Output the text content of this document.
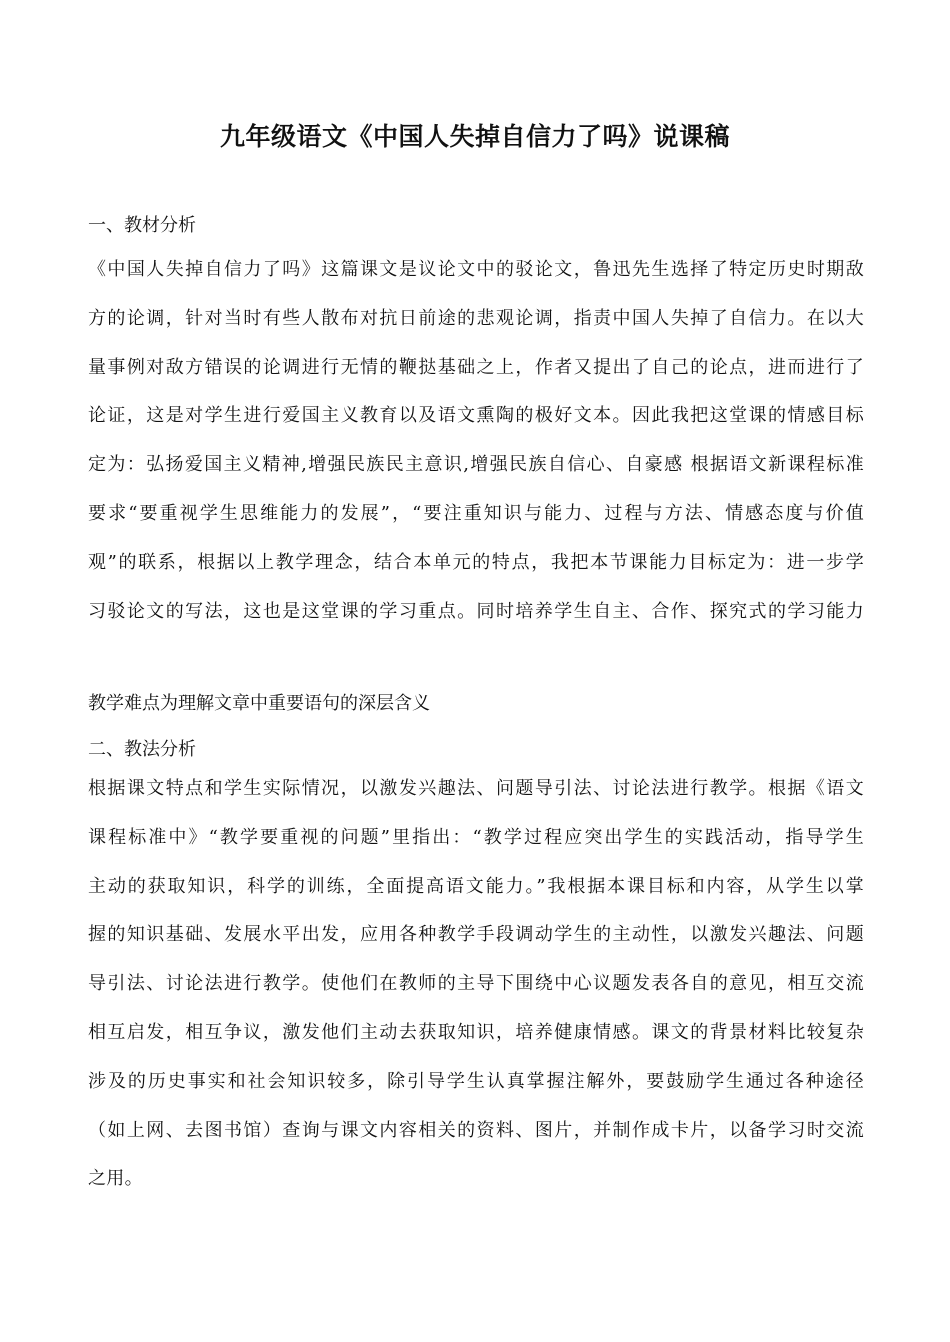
九年级语文《中国人失掉自信力了吗》说课稿
一、教材分析
《中国人失掉自信力了吗》这篇课文是议论文中的驳论文，鲁迅先生选择了特定历史时期敌
方的论调，针对当时有些人散布对抗日前途的悲观论调，指责中国人失掉了自信力。在以大
量事例对敌方错误的论调进行无情的鞭挞基础之上，作者又提出了自己的论点，进而进行了
论证，这是对学生进行爱国主义教育以及语文熏陶的极好文本。因此我把这堂课的情感目标
定为：弘扬爱国主义精神,增强民族民主意识,增强民族自信心、自豪感 根据语文新课程标准
要求“要重视学生思维能力的发展”，“要注重知识与能力、过程与方法、情感态度与价值
观”的联系，根据以上教学理念，结合本单元的特点，我把本节课能力目标定为：进一步学
习驳论文的写法，这也是这堂课的学习重点。同时培养学生自主、合作、探究式的学习能力
教学难点为理解文章中重要语句的深层含义
二、教法分析
根据课文特点和学生实际情况，以激发兴趣法、问题导引法、讨论法进行教学。根据《语文
课程标准中》“教学要重视的问题”里指出：“教学过程应突出学生的实践活动，指导学生
主动的获取知识，科学的训练，全面提高语文能力。”我根据本课目标和内容，从学生以掌
握的知识基础、发展水平出发，应用各种教学手段调动学生的主动性，以激发兴趣法、问题
导引法、讨论法进行教学。使他们在教师的主导下围绕中心议题发表各自的意见，相互交流
相互启发，相互争议，激发他们主动去获取知识，培养健康情感。课文的背景材料比较复杂
涉及的历史事实和社会知识较多，除引导学生认真掌握注解外，要鼓励学生通过各种途径
（如上网、去图书馆）查询与课文内容相关的资料、图片，并制作成卡片，以备学习时交流
之用。
